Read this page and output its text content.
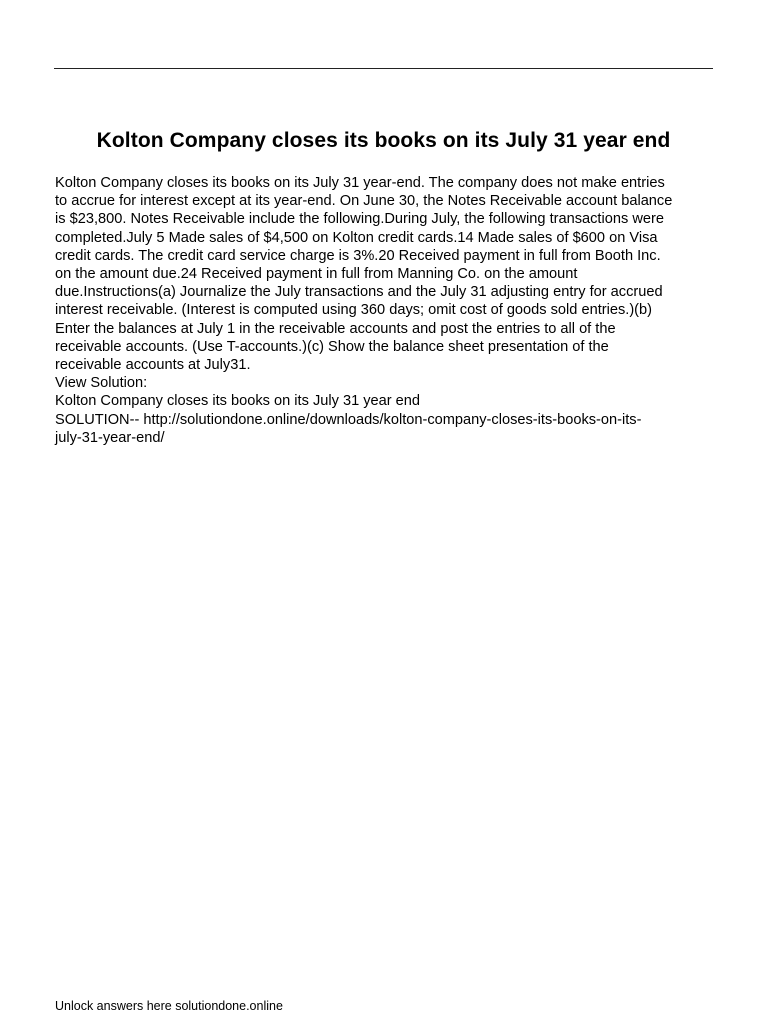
Kolton Company closes its books on its July 31 year end
Kolton Company closes its books on its July 31 year-end. The company does not make entries
to accrue for interest except at its year-end. On June 30, the Notes Receivable account balance
is $23,800. Notes Receivable include the following.During July, the following transactions were
completed.July 5 Made sales of $4,500 on Kolton credit cards.14 Made sales of $600 on Visa
credit cards. The credit card service charge is 3%.20 Received payment in full from Booth Inc.
on the amount due.24 Received payment in full from Manning Co. on the amount
due.Instructions(a) Journalize the July transactions and the July 31 adjusting entry for accrued
interest receivable. (Interest is computed using 360 days; omit cost of goods sold entries.)(b)
Enter the balances at July 1 in the receivable accounts and post the entries to all of the
receivable accounts. (Use T-accounts.)(c) Show the balance sheet presentation of the
receivable accounts at July31.
View Solution:
Kolton Company closes its books on its July 31 year end
SOLUTION-- http://solutiondone.online/downloads/kolton-company-closes-its-books-on-its-
july-31-year-end/
Unlock answers here solutiondone.online
